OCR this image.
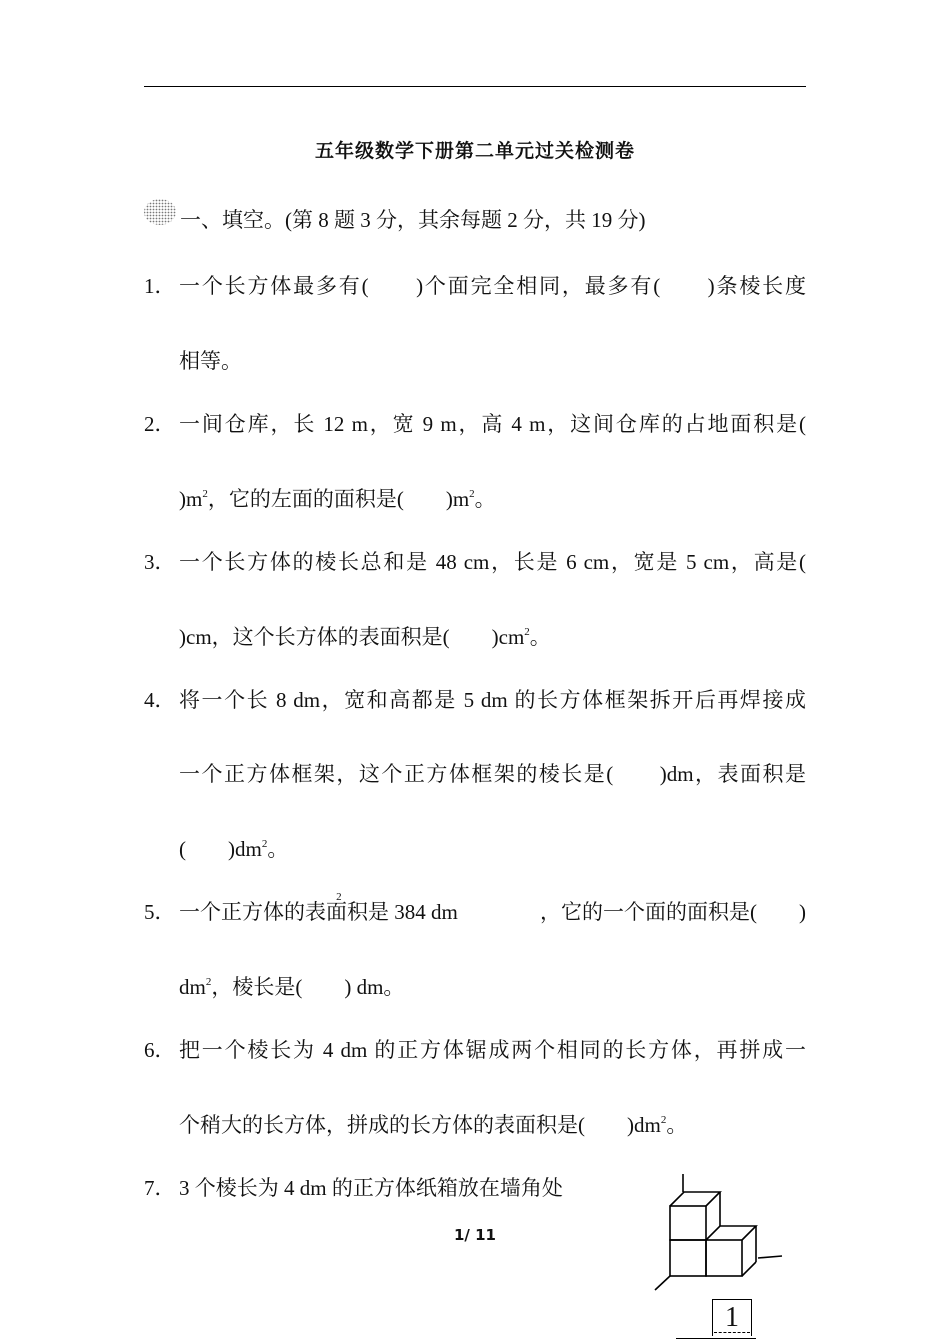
五年级数学下册第二单元过关检测卷
一、填空。(第 8 题 3 分，其余每题 2 分，共 19 分)
1． 一个长方体最多有(　　)个面完全相同，最多有(　　)条棱长度
相等。
2． 一间仓库，长 12 m，宽 9 m，高 4 m，这间仓库的占地面积是(
)$m^2$，它的左面的面积是(　　)$m^2$。
3． 一个长方体的棱长总和是 48 cm，长是 6 cm，宽是 5 cm，高是(
)cm，这个长方体的表面积是(　　)$cm^2$。
4． 将一个长 8 dm，宽和高都是 5 dm 的长方体框架拆开后再焊接成
一个正方体框架，这个正方体框架的棱长是(　　)dm，表面积是
(　　)$dm^2$。
5． 一个正方体的表面积是 384 dm
2
，它的一个面的面积是(　　)
$dm^2$，棱长是(　　) dm。
6． 把一个棱长为 4 dm 的正方体锯成两个相同的长方体，再拼成一
个稍大的长方体，拼成的长方体的表面积是(　　)$dm^2$。
7． 3 个棱长为 4 dm 的正方体纸箱放在墙角处
1/ 11
1
